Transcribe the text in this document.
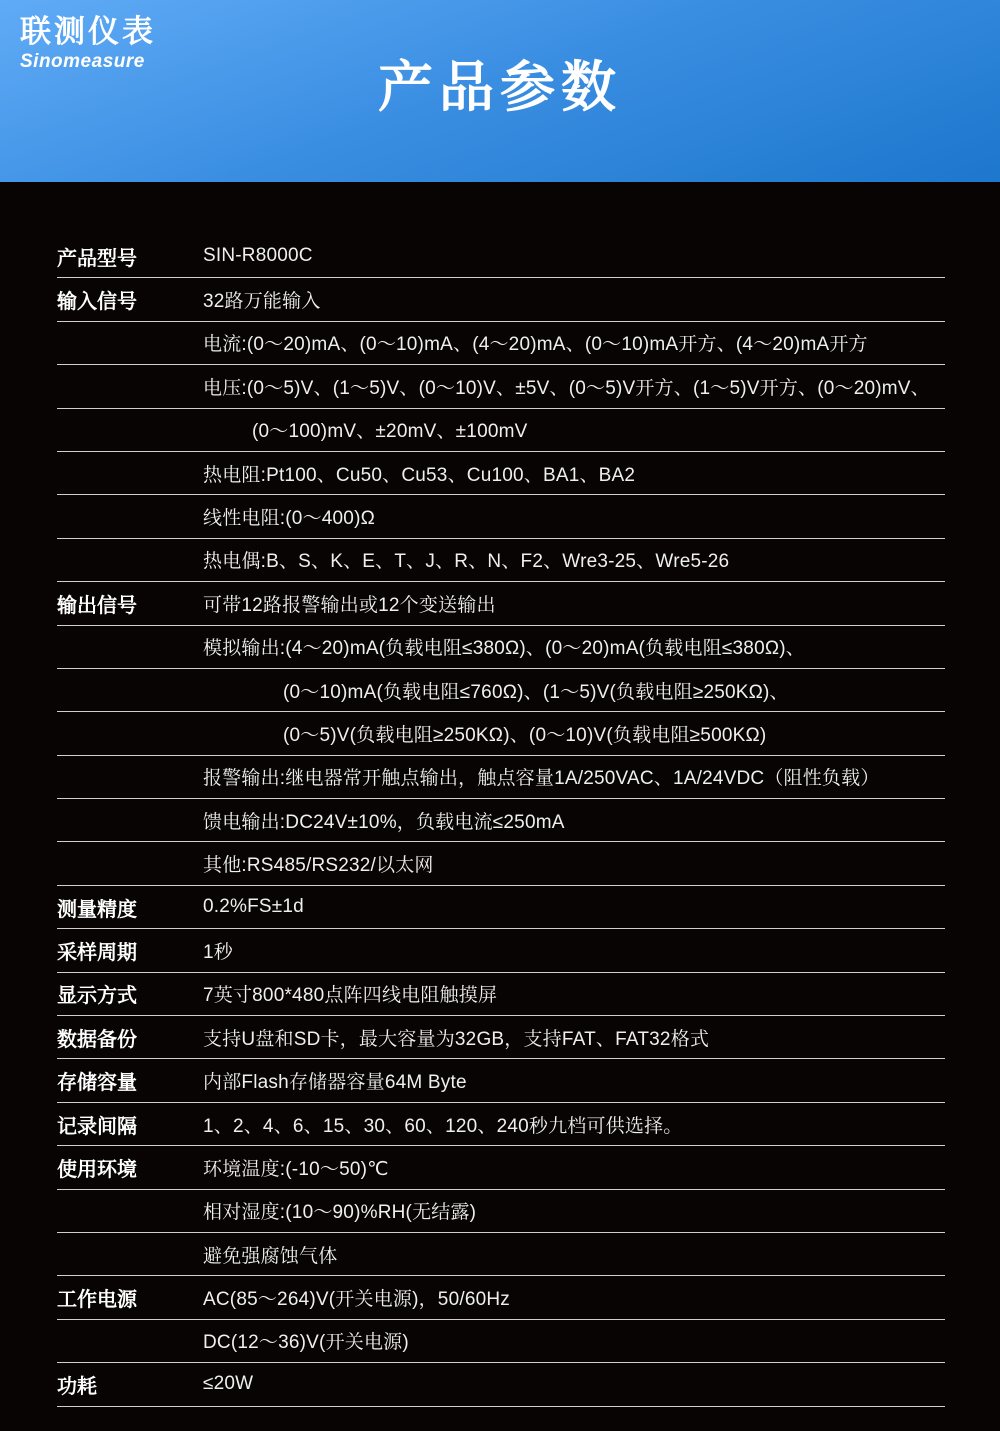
联测仪表
Sinomeasure	产品参数
产品型号	SIN-R8000C
输入信号	32路万能输入
电流:(0～20)mA、(0～10)mA、(4～20)mA、(0～10)mA开方、(4～20)mA开方
电压:(0～5)V、(1～5)V、(0～10)V、±5V、(0～5)V开方、(1～5)V开方、(0～20)mV、
(0～100)mV、±20mV、±100mV
热电阻:Pt100、Cu50、Cu53、Cu100、BA1、BA2
线性电阻:(0～400)Ω
热电偶:B、S、K、E、T、J、R、N、F2、Wre3-25、Wre5-26
输出信号	可带12路报警输出或12个变送输出
模拟输出:(4～20)mA(负载电阻≤380Ω)、(0～20)mA(负载电阻≤380Ω)、
(0～10)mA(负载电阻≤760Ω)、(1～5)V(负载电阻≥250KΩ)、
(0～5)V(负载电阻≥250KΩ)、(0～10)V(负载电阻≥500KΩ)
报警输出:继电器常开触点输出，触点容量1A/250VAC、1A/24VDC（阻性负载）
馈电输出:DC24V±10%，负载电流≤250mA
其他:RS485/RS232/以太网
测量精度	0.2%FS±1d
采样周期	1秒
显示方式	7英寸800*480点阵四线电阻触摸屏
数据备份	支持U盘和SD卡，最大容量为32GB，支持FAT、FAT32格式
存储容量	内部Flash存储器容量64M Byte
记录间隔	1、2、4、6、15、30、60、120、240秒九档可供选择。
使用环境	环境温度:(-10～50)℃
相对湿度:(10～90)%RH(无结露)
避免强腐蚀气体
工作电源	AC(85～264)V(开关电源)，50/60Hz
DC(12～36)V(开关电源)
功耗	≤20W
